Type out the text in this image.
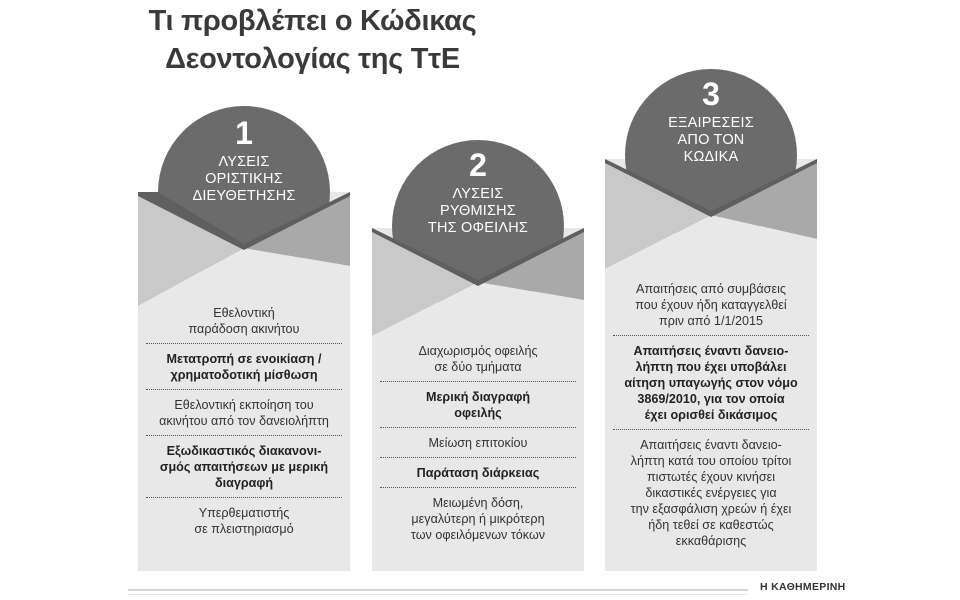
Τι προβλέπει ο Κώδικας
Δεοντολογίας της ΤτΕ
1
ΛΥΣΕΙΣ
ΟΡΙΣΤΙΚΗΣ
ΔΙΕΥΘΕΤΗΣΗΣ
Εθελοντική
παράδοση ακινήτου
Μετατροπή σε ενοικίαση /
χρηματοδοτική μίσθωση
Εθελοντική εκποίηση του
ακινήτου από τον δανειολήπτη
Εξωδικαστικός διακανονι-
σμός απαιτήσεων με μερική
διαγραφή
Υπερθεματιστής
σε πλειστηριασμό
2
ΛΥΣΕΙΣ
ΡΥΘΜΙΣΗΣ
ΤΗΣ ΟΦΕΙΛΗΣ
Διαχωρισμός οφειλής
σε δύο τμήματα
Μερική διαγραφή
οφειλής
Μείωση επιτοκίου
Παράταση διάρκειας
Μειωμένη δόση,
μεγαλύτερη ή μικρότερη
των οφειλόμενων τόκων
3
ΕΞΑΙΡΕΣΕΙΣ
ΑΠΟ ΤΟΝ
ΚΩΔΙΚΑ
Απαιτήσεις από συμβάσεις
που έχουν ήδη καταγγελθεί
πριν από 1/1/2015
Απαιτήσεις έναντι δανειο-
λήπτη που έχει υποβάλει
αίτηση υπαγωγής στον νόμο
3869/2010, για τον οποία
έχει ορισθεί δικάσιμος
Απαιτήσεις έναντι δανειο-
λήπτη κατά του οποίου τρίτοι
πιστωτές έχουν κινήσει
δικαστικές ενέργειες για
την εξασφάλιση χρεών ή έχει
ήδη τεθεί σε καθεστώς
εκκαθάρισης
Η ΚΑΘΗΜΕΡΙΝΗ
